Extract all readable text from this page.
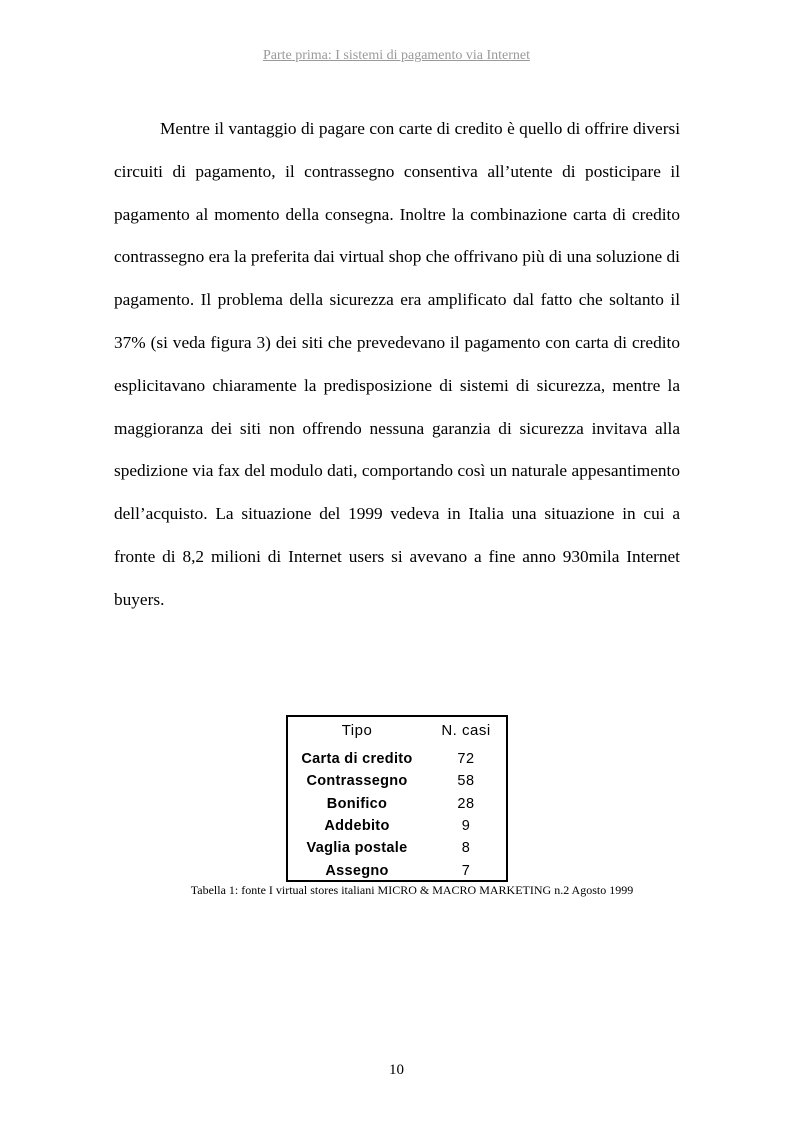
Parte prima: I sistemi di pagamento via Internet

Mentre il vantaggio di pagare con carte di credito è quello di offrire diversi circuiti di pagamento, il contrassegno consentiva all’utente di posticipare il pagamento al momento della consegna. Inoltre la combinazione carta di credito contrassegno era la preferita dai virtual shop che offrivano più di una soluzione di pagamento. Il problema della sicurezza era amplificato dal fatto che soltanto il 37% (si veda figura 3) dei siti che prevedevano il pagamento con carta di credito esplicitavano chiaramente la predisposizione di sistemi di sicurezza, mentre la maggioranza dei siti non offrendo nessuna garanzia di sicurezza invitava alla spedizione via fax del modulo dati, comportando così un naturale appesantimento dell’acquisto. La situazione del 1999 vedeva in Italia una situazione in cui a fronte di 8,2 milioni di Internet users si avevano a fine anno 930mila Internet buyers.

Tipo	N. casi

Carta di credito	72
Contrassegno	58
Bonifico	28
Addebito	9
Vaglia postale	8
Assegno	7
Tabella 1: fonte I virtual stores italiani MICRO & MACRO MARKETING n.2 Agosto 1999
10
